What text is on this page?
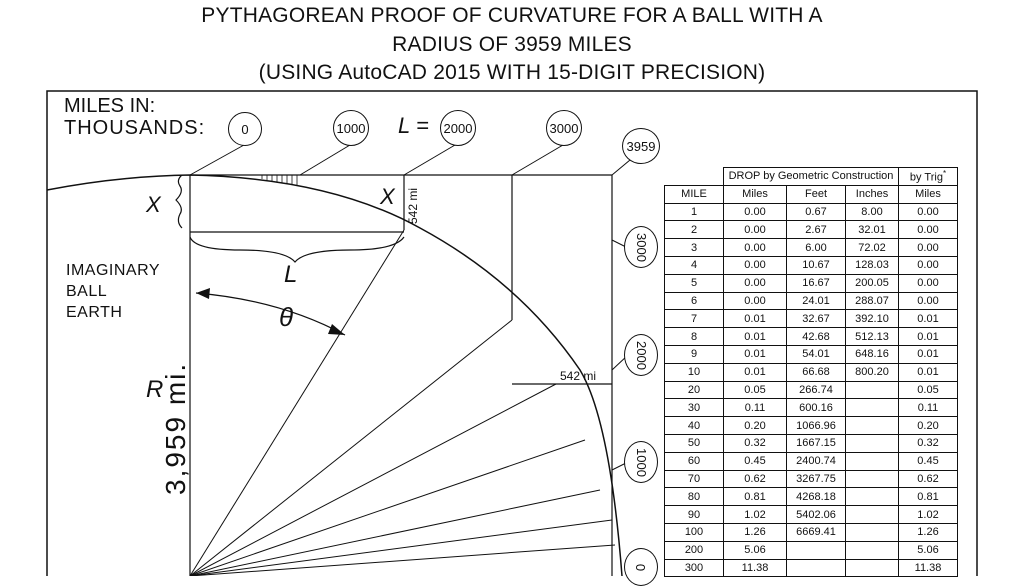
PYTHAGOREAN PROOF OF CURVATURE FOR A BALL WITH A
RADIUS OF 3959 MILES
(USING AutoCAD 2015 WITH 15-DIGIT PRECISION)
MILES IN:
THOUSANDS:	0	1000 L = 2000	3000
3959
X	X 542 mi
IMAGINARY
BALL
EARTH
L
θ
R
3,959 mi.	542 mi
3000
2000
1000
0
	DROP by Geometric Construction			by Trig*
MILE	Miles	Feet	Inches	Miles
1	0.00	0.67	8.00	0.00
2	0.00	2.67	32.01	0.00
3	0.00	6.00	72.02	0.00
4	0.00	10.67	128.03	0.00
5	0.00	16.67	200.05	0.00
6	0.00	24.01	288.07	0.00
7	0.01	32.67	392.10	0.01
8	0.01	42.68	512.13	0.01
9	0.01	54.01	648.16	0.01
10	0.01	66.68	800.20	0.01
20	0.05	266.74		0.05
30	0.11	600.16		0.11
40	0.20	1066.96		0.20
50	0.32	1667.15		0.32
60	0.45	2400.74		0.45
70	0.62	3267.75		0.62
80	0.81	4268.18		0.81
90	1.02	5402.06		1.02
100	1.26	6669.41		1.26
200	5.06			5.06
300	11.38			11.38
